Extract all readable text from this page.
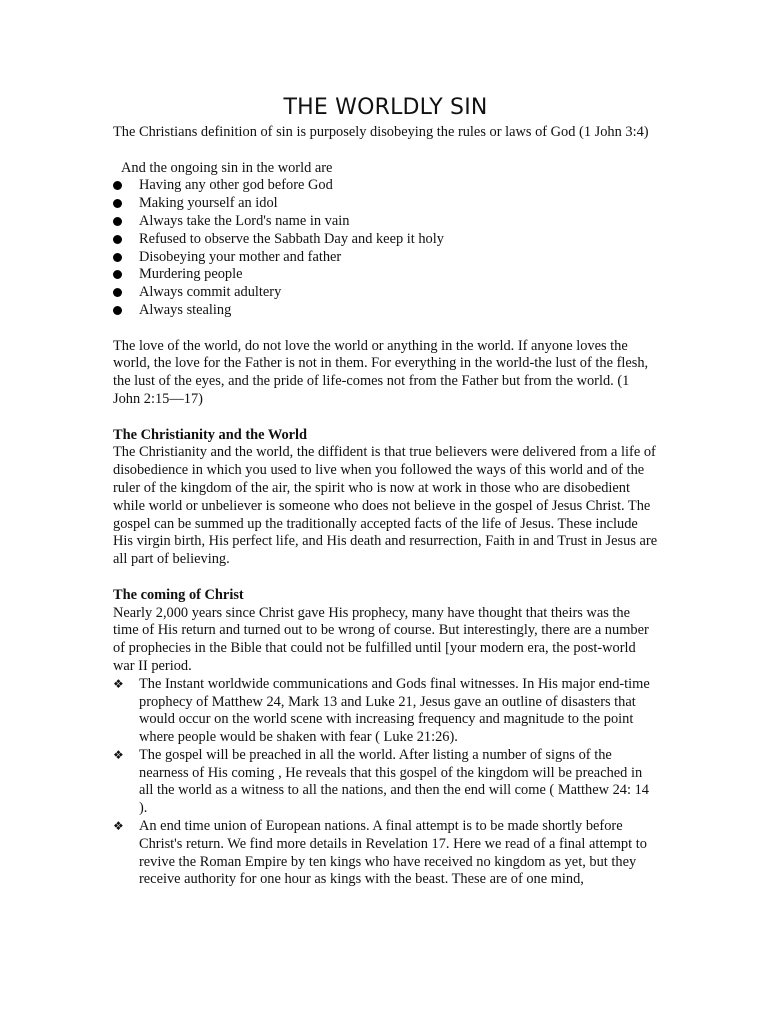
THE WORLDLY SIN

The Christians definition of sin is purposely disobeying the rules or laws of God (1 John 3:4)

And the ongoing sin in the world are

Having any other god before God
Making yourself an idol
Always take the Lord's name in vain
Refused to observe the Sabbath Day and keep it holy
Disobeying your mother and father
Murdering people
Always commit adultery
Always stealing

The love of the world, do not love the world or anything in the world. If anyone loves the world, the love for the Father is not in them. For everything in the world-the lust of the flesh, the lust of the eyes, and the pride of life-comes not from the Father but from the world. (1 John 2:15—17)

The Christianity and the World

The Christianity and the world, the diffident is that true believers were delivered from a life of disobedience in which you used to live when you followed the ways of this world and of the ruler of the kingdom of the air, the spirit who is now at work in those who are disobedient while world or unbeliever is someone who does not believe in the gospel of Jesus Christ. The gospel can be summed up the traditionally accepted facts of the life of Jesus. These include His virgin birth, His perfect life, and His death and resurrection, Faith in and Trust in Jesus are all part of believing.

The coming of Christ

Nearly 2,000 years since Christ gave His prophecy, many have thought that theirs was the time of His return and turned out to be wrong of course. But interestingly, there are a number of prophecies in the Bible that could not be fulfilled until [your modern era, the post-world war II period.

❖ The Instant worldwide communications and Gods final witnesses. In His major end-time prophecy of Matthew 24, Mark 13 and Luke 21, Jesus gave an outline of disasters that would occur on the world scene with increasing frequency and magnitude to the point where people would be shaken with fear ( Luke 21:26).
❖ The gospel will be preached in all the world. After listing a number of signs of the nearness of His coming , He reveals that this gospel of the kingdom will be preached in all the world as a witness to all the nations, and then the end will come ( Matthew 24: 14 ).
❖ An end time union of European nations. A final attempt is to be made shortly before Christ's return. We find more details in Revelation 17. Here we read of a final attempt to revive the Roman Empire by ten kings who have received no kingdom as yet, but they receive authority for one hour as kings with the beast. These are of one mind,
